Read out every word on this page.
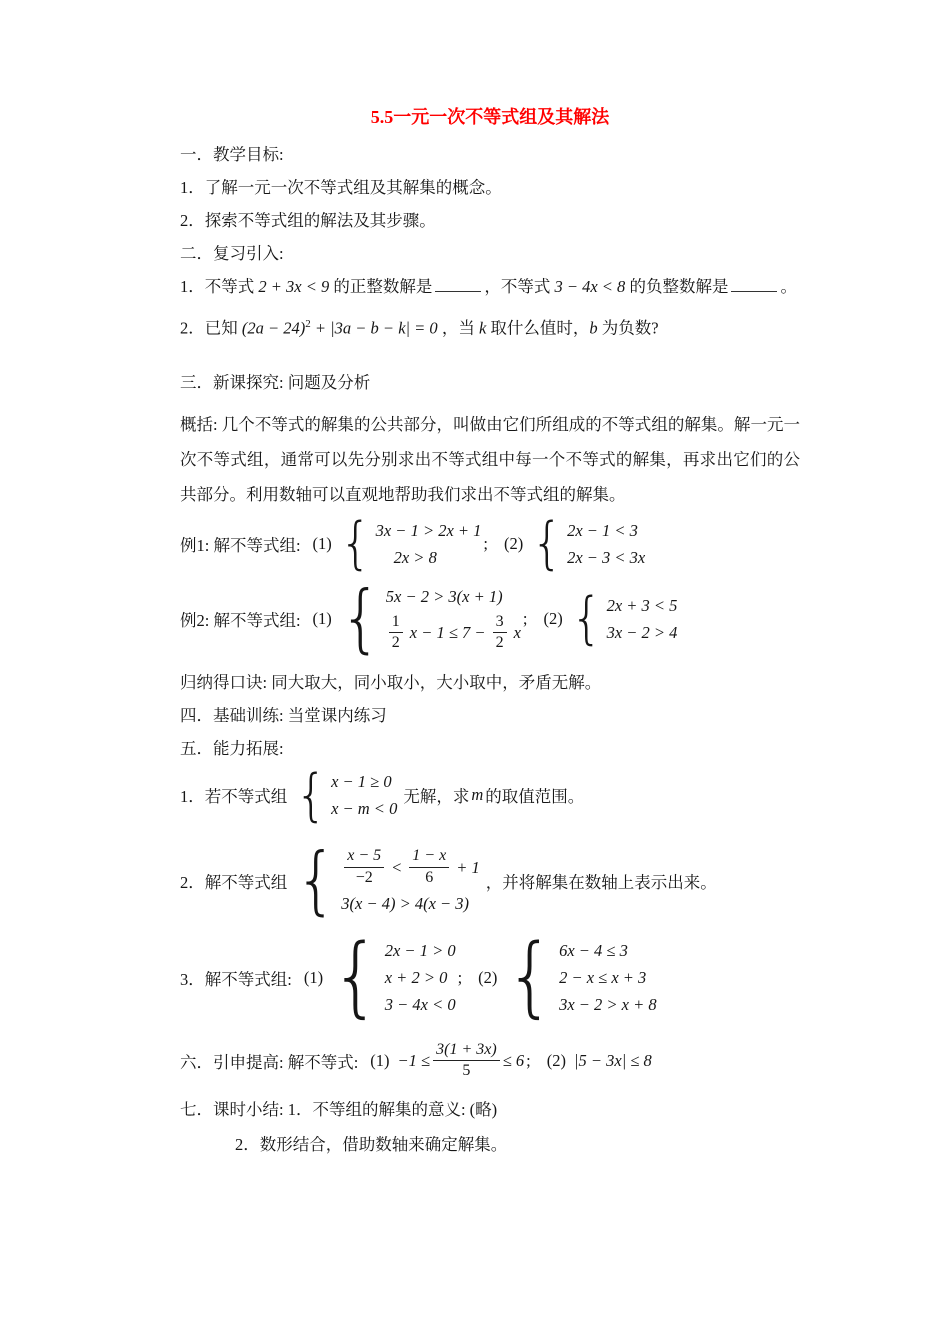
5.5一元一次不等式组及其解法

一．教学目标:

1．了解一元一次不等式组及其解集的概念。

2．探索不等式组的解法及其步骤。

二．复习引入:

1．不等式 2 + 3x < 9 的正整数解是	，不等式 3 − 4x < 8 的负整数解是	。

2．已知 $(2a - 24)^2 + |3a - b - k| = 0$ ，当 k 取什么值时，b 为负数?

三．新课探究: 问题及分析

概括: 几个不等式的解集的公共部分，叫做由它们所组成的不等式组的解集。解一元一次不等式组，通常可以先分别求出不等式组中每一个不等式的解集，再求出它们的公共部分。利用数轴可以直观地帮助我们求出不等式组的解集。

例1: 解不等式组: (1) { 3x − 1 > 2x + 1
2x > 8
; (2) { 2x − 1 < 3
2x − 3 < 3x
例2: 解不等式组: (1) { 5x − 2 > 3(x + 1)
$\frac{1}{2}$ $x - 1 \le 7 - \frac{3}{2}$ x
; (2) { 2x + 3 < 5
3x − 2 > 4

归纳得口诀: 同大取大，同小取小，大小取中，矛盾无解。

四．基础训练: 当堂课内练习

五．能力拓展:

1．若不等式组 { x − 1 ≥ 0
x − m < 0
无解，求 m 的取值范围。
2．解不等式组 { $\frac{x - 5}{-2} < \frac{1 - x}{6} + 1$
3(x − 4) > 4(x − 3)
，并将解集在数轴上表示出来。
3．解不等式组: (1) { 2x − 1 > 0
x + 2 > 0
3 − 4x < 0
; (2) { 6x − 4 ≤ 3
2 − x ≤ x + 3
3x − 2 > x + 8
六．引申提高: 解不等式: $(1) -1 \le \frac{3(1 + 3x)}{5} \le 6$ ; (2) |5 − 3x| ≤ 8

七．课时小结: 1．不等组的解集的意义: (略)

2．数形结合，借助数轴来确定解集。
